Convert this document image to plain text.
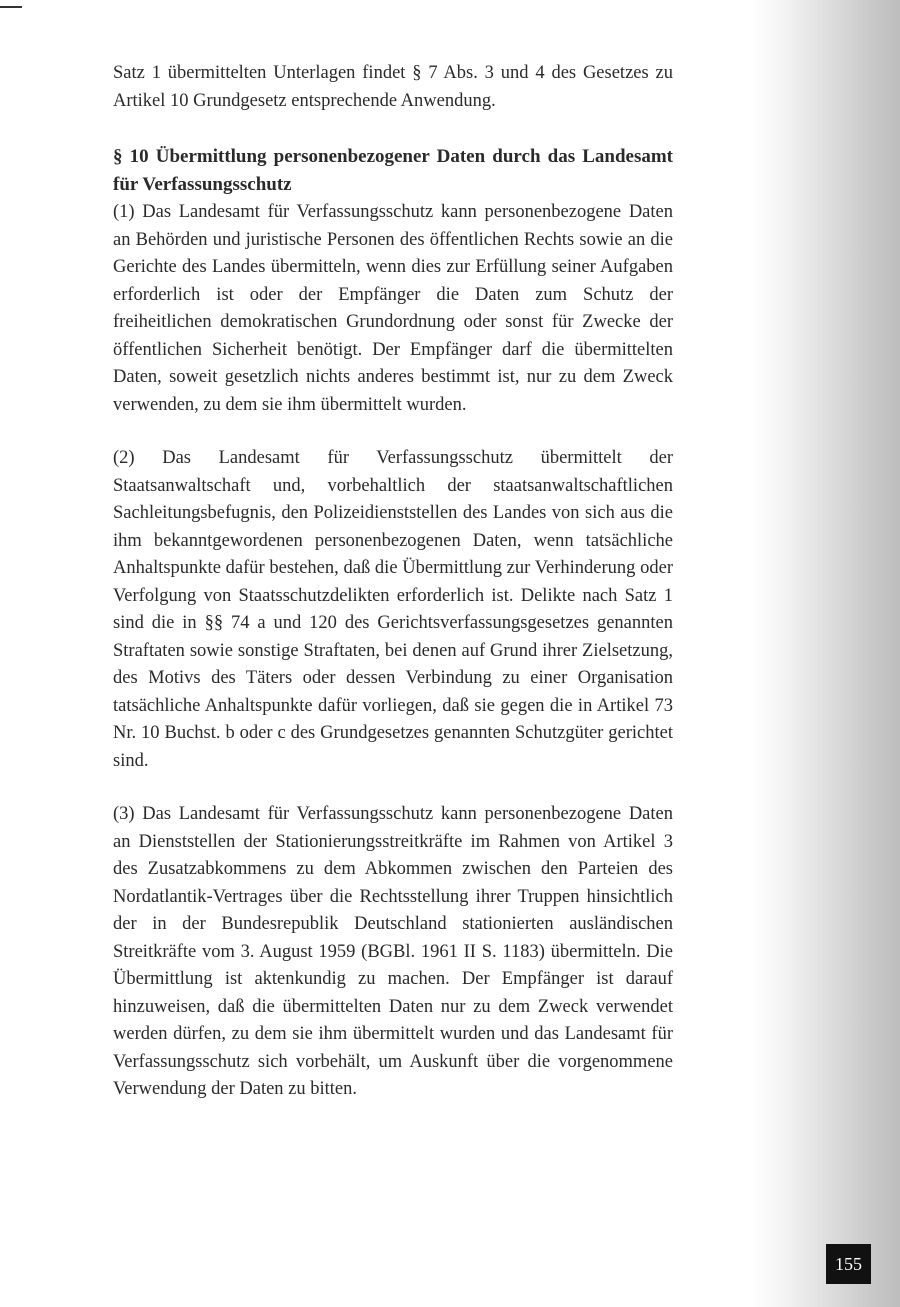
Satz 1 übermittelten Unterlagen findet § 7 Abs. 3 und 4 des Gesetzes zu Artikel 10 Grundgesetz entsprechende Anwendung.

§ 10 Übermittlung personenbezogener Daten durch das Landesamt für Verfassungsschutz

(1) Das Landesamt für Verfassungsschutz kann personenbezogene Daten an Behörden und juristische Personen des öffentlichen Rechts sowie an die Gerichte des Landes übermitteln, wenn dies zur Erfüllung seiner Aufgaben erforderlich ist oder der Empfänger die Daten zum Schutz der freiheitlichen demokratischen Grundordnung oder sonst für Zwecke der öffentlichen Sicherheit benötigt. Der Empfänger darf die übermittelten Daten, soweit gesetzlich nichts anderes bestimmt ist, nur zu dem Zweck verwenden, zu dem sie ihm übermittelt wurden.

(2) Das Landesamt für Verfassungsschutz übermittelt der Staatsanwaltschaft und, vorbehaltlich der staatsanwaltschaftlichen Sachleitungsbefugnis, den Polizeidienststellen des Landes von sich aus die ihm bekanntgewordenen personenbezogenen Daten, wenn tatsächliche Anhaltspunkte dafür bestehen, daß die Übermittlung zur Verhinderung oder Verfolgung von Staatsschutzdelikten erforderlich ist. Delikte nach Satz 1 sind die in §§ 74 a und 120 des Gerichtsverfassungsgesetzes genannten Straftaten sowie sonstige Straftaten, bei denen auf Grund ihrer Zielsetzung, des Motivs des Täters oder dessen Verbindung zu einer Organisation tatsächliche Anhaltspunkte dafür vorliegen, daß sie gegen die in Artikel 73 Nr. 10 Buchst. b oder c des Grundgesetzes genannten Schutzgüter gerichtet sind.

(3) Das Landesamt für Verfassungsschutz kann personenbezogene Daten an Dienststellen der Stationierungsstreitkräfte im Rahmen von Artikel 3 des Zusatzabkommens zu dem Abkommen zwischen den Parteien des Nordatlantik-Vertrages über die Rechtsstellung ihrer Truppen hinsichtlich der in der Bundesrepublik Deutschland stationierten ausländischen Streitkräfte vom 3. August 1959 (BGBl. 1961 II S. 1183) übermitteln. Die Übermittlung ist aktenkundig zu machen. Der Empfänger ist darauf hinzuweisen, daß die übermittelten Daten nur zu dem Zweck verwendet werden dürfen, zu dem sie ihm übermittelt wurden und das Landesamt für Verfassungsschutz sich vorbehält, um Auskunft über die vorgenommene Verwendung der Daten zu bitten.

155
